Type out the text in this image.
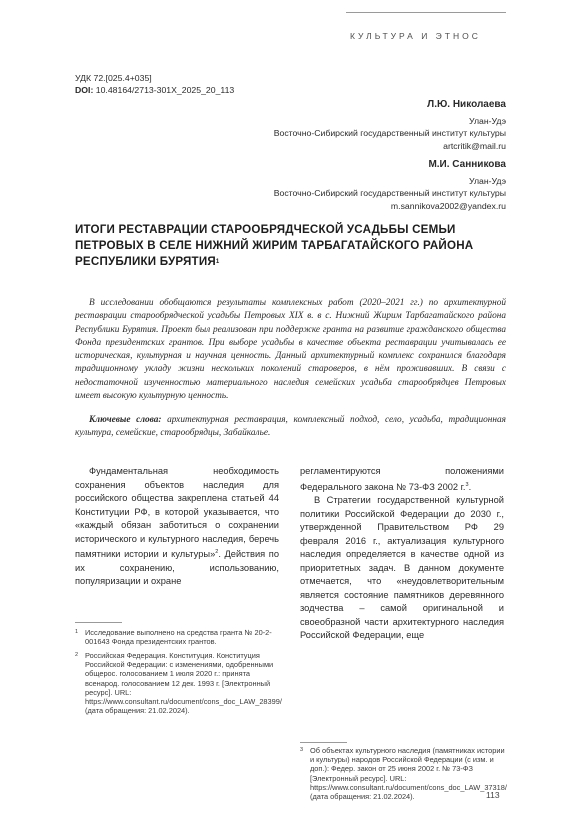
КУЛЬТУРА И ЭТНОС
УДК 72.[025.4+035]
DOI: 10.48164/2713-301X_2025_20_113
Л.Ю. Николаева
Улан-Удэ
Восточно-Сибирский государственный институт культуры
artcritik@mail.ru
М.И. Санникова
Улан-Удэ
Восточно-Сибирский государственный институт культуры
m.sannikova2002@yandex.ru
ИТОГИ РЕСТАВРАЦИИ СТАРООБРЯДЧЕСКОЙ УСАДЬБЫ СЕМЬИ ПЕТРОВЫХ В СЕЛЕ НИЖНИЙ ЖИРИМ ТАРБАГАТАЙСКОГО РАЙОНА РЕСПУБЛИКИ БУРЯТИЯ$^1$
В исследовании обобщаются результаты комплексных работ (2020–2021 гг.) по архитектурной реставрации старообрядческой усадьбы Петровых XIX в. в с. Нижний Жирим Тарбагатайского района Республики Бурятия. Проект был реализован при поддержке гранта на развитие гражданского общества Фонда президентских грантов. При выборе усадьбы в качестве объекта реставрации учитывалась ее историческая, культурная и научная ценность. Данный архитектурный комплекс сохранился благодаря традиционному укладу жизни нескольких поколений староверов, в нём проживавших. В связи с недостаточной изученностью материального наследия семейских усадьба старообрядцев Петровых имеет высокую культурную ценность.
Ключевые слова: архитектурная реставрация, комплексный подход, село, усадьба, традиционная культура, семейские, старообрядцы, Забайкалье.

Фундаментальная необходимость сохранения объектов наследия для российского общества закреплена статьей 44 Конституции РФ, в которой указывается, что «каждый обязан заботиться о сохранении исторического и культурного наследия, беречь памятники истории и культуры»$^2$. Действия по их сохранению, использованию, популяризации и охране

регламентируются положениями Федерального закона № 73-ФЗ 2002 г.$^3$.

В Стратегии государственной культурной политики Российской Федерации до 2030 г., утвержденной Правительством РФ 29 февраля 2016 г., актуализация культурного наследия определяется в качестве одной из приоритетных задач. В данном документе отмечается, что «неудовлетворительным является состояние памятников деревянного зодчества – самой оригинальной и своеобразной части архитектурного наследия Российской Федерации, еще

1 Исследование выполнено на средства гранта № 20-2-001643 Фонда президентских грантов.
2 Российская Федерация. Конституция. Конституция Российской Федерации: с изменениями, одобренными общерос. голосованием 1 июля 2020 г.: принята всенарод. голосованием 12 дек. 1993 г. [Электронный ресурс]. URL: https://www.consultant.ru/document/cons_doc_LAW_28399/ (дата обращения: 21.02.2024).
3 Об объектах культурного наследия (памятниках истории и культуры) народов Российской Федерации (с изм. и доп.): Федер. закон от 25 июня 2002 г. № 73-ФЗ [Электронный ресурс]. URL: https://www.consultant.ru/document/cons_doc_LAW_37318/ (дата обращения: 21.02.2024).	113
